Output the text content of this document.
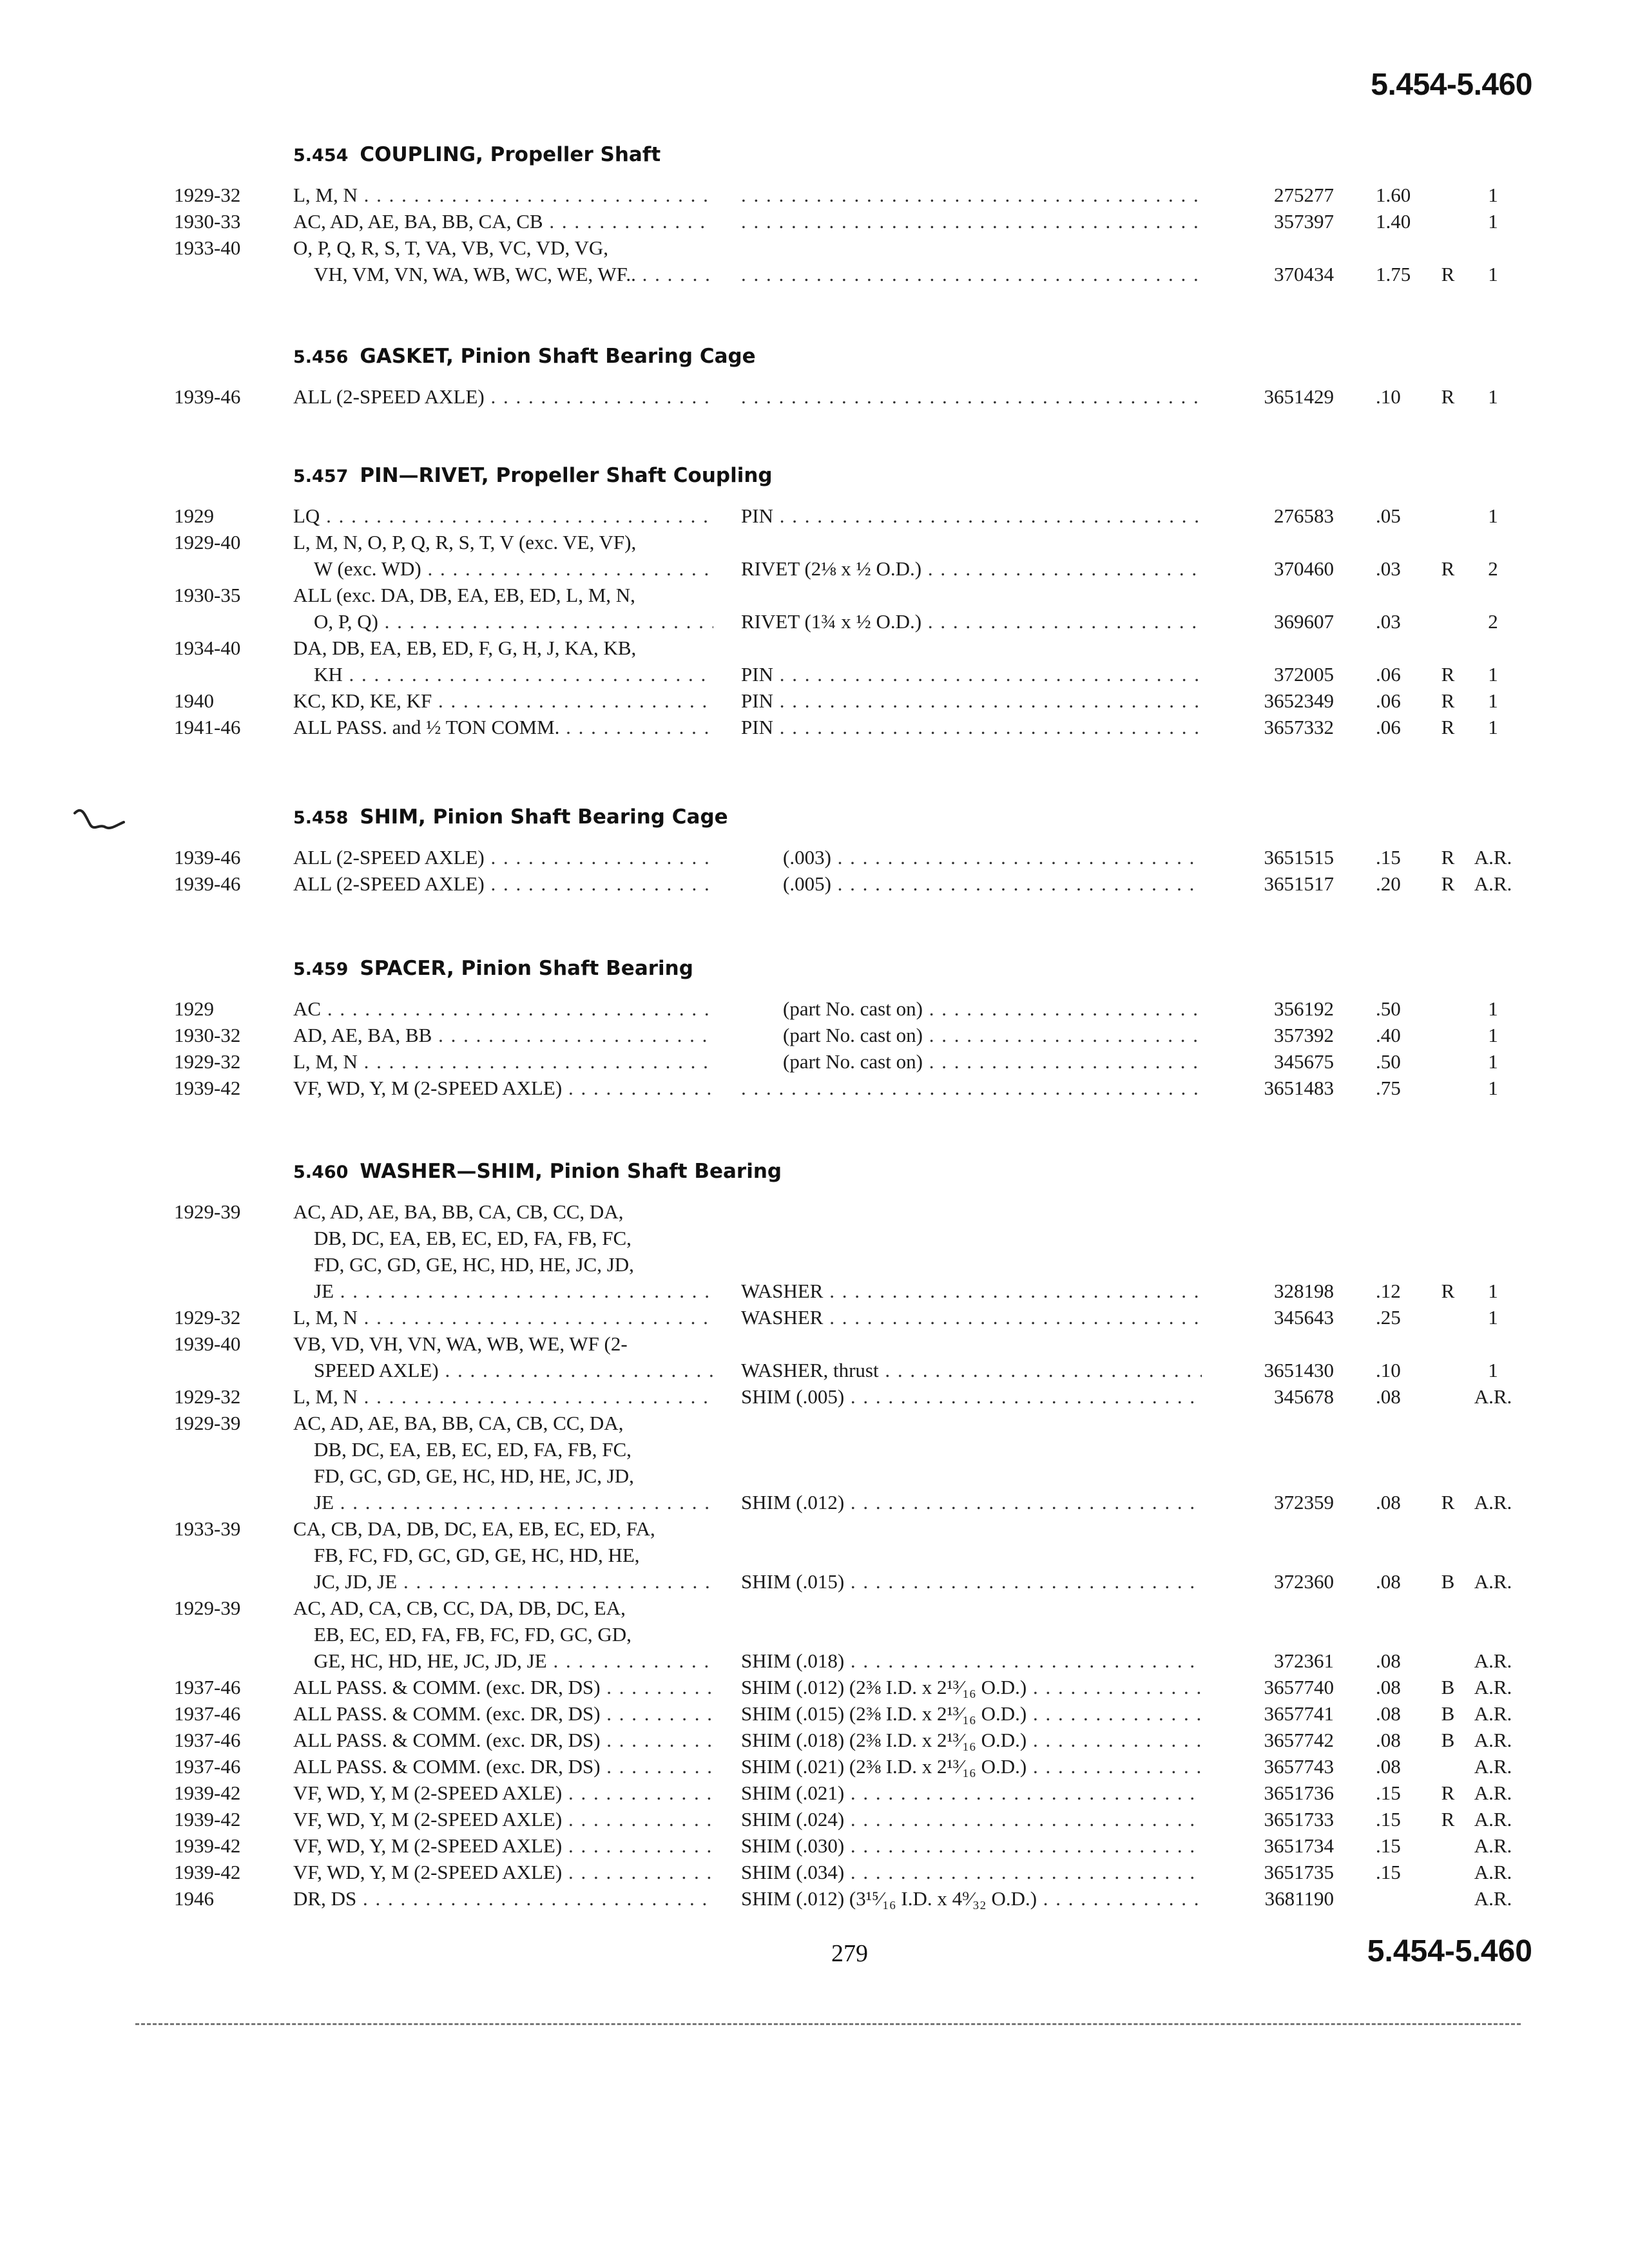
5.454-5.460
5.454 COUPLING, Propeller Shaft
1929-32	L, M, N . . . . . .	275277 1.60	1
1930-33	AC, AD, AE, BA, BB, CA, CB . . . . . .	357397 1.40	1
1933-40	O, P, Q, R, S, T, VA, VB, VC, VD, VG,
VH, VM, VN, WA, WB, WC, WE, WF.. . . . . . .	370434 1.75	R	1
5.456 GASKET, Pinion Shaft Bearing Cage
1939-46	ALL (2-SPEED AXLE) . . . . . .	3651429 .10	R	1
5.457 PIN—RIVET, Propeller Shaft Coupling
1929	LQ . . .	PIN . . .	276583 .05	1
1929-40	L, M, N, O, P, Q, R, S, T, V (exc. VE, VF),
W (exc. WD) . . .	RIVET (2⅛ x ½ O.D.) . . .	370460 .03	R	2
1930-35	ALL (exc. DA, DB, EA, EB, ED, L, M, N,
O, P, Q) . . .	RIVET (1¾ x ½ O.D.) . . .	369607 .03	2
1934-40	DA, DB, EA, EB, ED, F, G, H, J, KA, KB,
KH . . .	PIN . . .	372005 .06	R	1
1940	KC, KD, KE, KF . . .	PIN . . .	3652349 .06	R	1
1941-46	ALL PASS. and ½ TON COMM. . . .	PIN . . .	3657332 .06	R	1
5.458 SHIM, Pinion Shaft Bearing Cage
1939-46	ALL (2-SPEED AXLE) . . .	(.003) . . .	3651515 .15	R A.R.
1939-46	ALL (2-SPEED AXLE) . . .	(.005) . . .	3651517 .20	R A.R.
5.459 SPACER, Pinion Shaft Bearing
1929	AC . . .	(part No. cast on) . . .	356192 .50	1
1930-32	AD, AE, BA, BB . . .	(part No. cast on) . . .	357392 .40	1
1929-32	L, M, N . . .	(part No. cast on) . . .	345675 .50	1
1939-42	VF, WD, Y, M (2-SPEED AXLE) . . . . . .	3651483 .75	1
5.460 WASHER—SHIM, Pinion Shaft Bearing
1929-39	AC, AD, AE, BA, BB, CA, CB, CC, DA,
DB, DC, EA, EB, EC, ED, FA, FB, FC,
FD, GC, GD, GE, HC, HD, HE, JC, JD,
JE . . .	WASHER . . .	328198 .12	R	1
1929-32	L, M, N . . .	WASHER . . .	345643 .25	1
1939-40	VB, VD, VH, VN, WA, WB, WE, WF (2-
SPEED AXLE) . . .	WASHER, thrust . . .	3651430 .10	1
1929-32	L, M, N . . .	SHIM (.005) . . .	345678 .08	A.R.
1929-39	AC, AD, AE, BA, BB, CA, CB, CC, DA,
DB, DC, EA, EB, EC, ED, FA, FB, FC,
FD, GC, GD, GE, HC, HD, HE, JC, JD,
JE . . .	SHIM (.012) . . .	372359 .08	R A.R.
1933-39	CA, CB, DA, DB, DC, EA, EB, EC, ED, FA,
FB, FC, FD, GC, GD, GE, HC, HD, HE,
JC, JD, JE . . .	SHIM (.015) . . .	372360 .08	B A.R.
1929-39	AC, AD, CA, CB, CC, DA, DB, DC, EA,
EB, EC, ED, FA, FB, FC, FD, GC, GD,
GE, HC, HD, HE, JC, JD, JE . . .	SHIM (.018) . . .	372361 .08	A.R.
1937-46	ALL PASS. & COMM. (exc. DR, DS) . . .	SHIM (.012) (2⅜ I.D. x 2¹³⁄₁₆ O.D.) . . .	3657740 .08	B A.R.
1937-46	ALL PASS. & COMM. (exc. DR, DS) . . .	SHIM (.015) (2⅜ I.D. x 2¹³⁄₁₆ O.D.) . . .	3657741 .08	B A.R.
1937-46	ALL PASS. & COMM. (exc. DR, DS) . . .	SHIM (.018) (2⅜ I.D. x 2¹³⁄₁₆ O.D.) . . .	3657742 .08	B A.R.
1937-46	ALL PASS. & COMM. (exc. DR, DS) . . .	SHIM (.021) (2⅜ I.D. x 2¹³⁄₁₆ O.D.) . . .	3657743 .08	A.R.
1939-42	VF, WD, Y, M (2-SPEED AXLE) . . .	SHIM (.021) . . .	3651736 .15	R A.R.
1939-42	VF, WD, Y, M (2-SPEED AXLE) . . .	SHIM (.024) . . .	3651733 .15	R A.R.
1939-42	VF, WD, Y, M (2-SPEED AXLE) . . .	SHIM (.030) . . .	3651734 .15	A.R.
1939-42	VF, WD, Y, M (2-SPEED AXLE) . . .	SHIM (.034) . . .	3651735 .15	A.R.
1946	DR, DS . . .	SHIM (.012) (3¹⁵⁄₁₆ I.D. x 4⁹⁄₃₂ O.D.) . . .	3681190	A.R.
279	5.454-5.460
